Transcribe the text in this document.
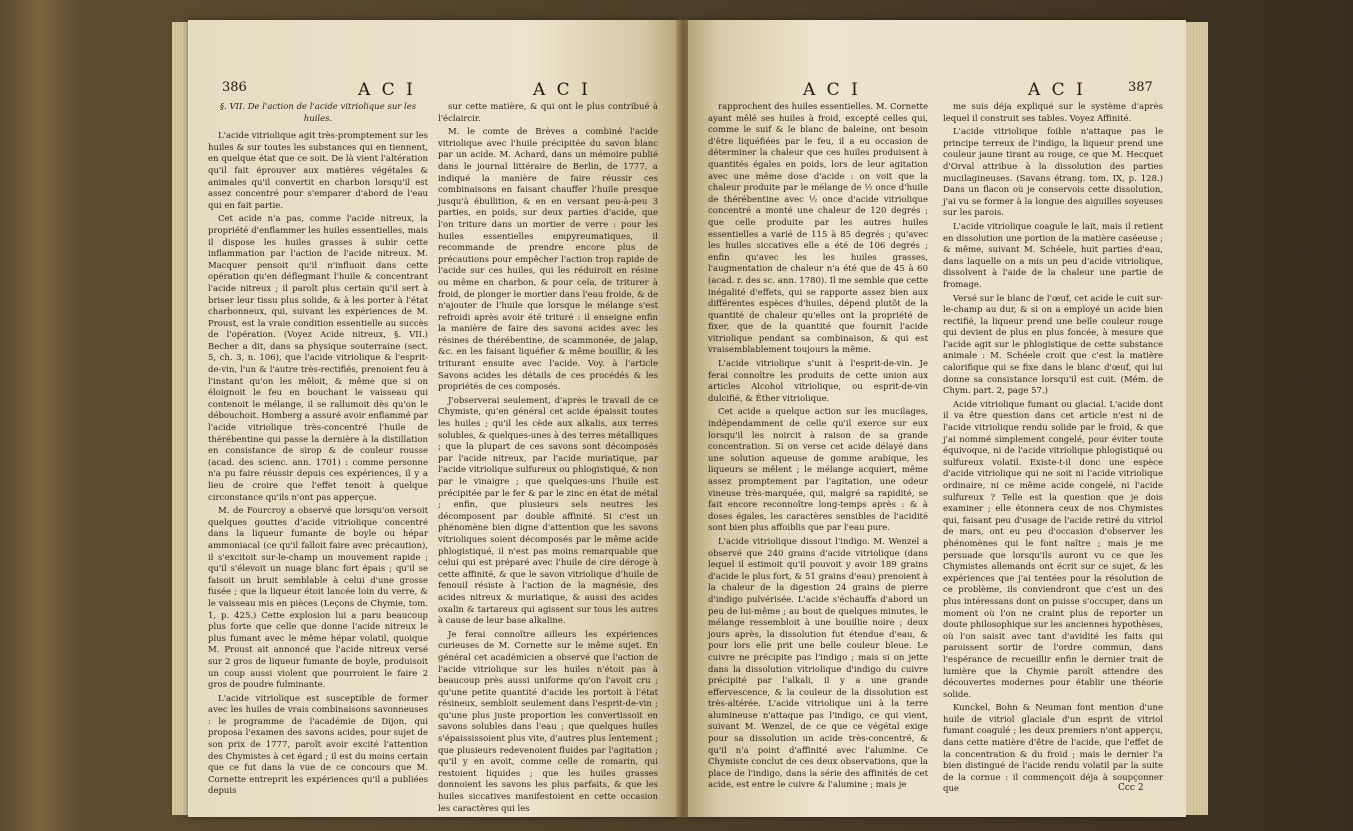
386	A C I	A C I

§. VII. De l'action de l'acide vitriolique sur les huiles.

L'acide vitriolique agit très-promptement sur les huiles & sur toutes les substances qui en tiennent, en quelque état que ce soit. De là vient l'altération qu'il fait éprouver aux matières végétales & animales qu'il convertit en charbon lorsqu'il est assez concentré pour s'emparer d'abord de l'eau qui en fait partie.

Cet acide n'a pas, comme l'acide nitreux, la propriété d'enflammer les huiles essentielles, mais il dispose les huiles grasses à subir cette inflammation par l'action de l'acide nitreux. M. Macquer pensoit qu'il n'influoit dans cette opération qu'en déflegmant l'huile & concentrant l'acide nitreux ; il paroît plus certain qu'il sert à briser leur tissu plus solide, & à les porter à l'état charbonneux, qui, suivant les expériences de M. Proust, est la vraie condition essentielle au succès de l'opération. (Voyez Acide nitreux, §. VII.) Becher a dit, dans sa physique souterraine (sect. 5, ch. 3, n. 106), que l'acide vitriolique & l'esprit-de-vin, l'un & l'autre très-rectifiés, prenoient feu à l'instant qu'on les mêloit, & même que si on éloignoit le feu en bouchant le vaisseau qui contenoit le mélange, il se rallumoit dès qu'on le débouchoit. Homberg a assuré avoir enflammé par l'acide vitriolique très-concentré l'huile de thérébentine qui passe la dernière à la distillation en consistance de sirop & de couleur rousse (acad. des scienc. ann. 1701) : comme personne n'a pu faire réussir depuis ces expériences, il y a lieu de croire que l'effet tenoit à quelque circonstance qu'ils n'ont pas apperçue.

M. de Fourcroy a observé que lorsqu'on versoit quelques gouttes d'acide vitriolique concentré dans la liqueur fumante de boyle ou hépar ammoniacal (ce qu'il falloit faire avec précaution), il s'excitoit sur-le-champ un mouvement rapide ; qu'il s'élevoit un nuage blanc fort épais ; qu'il se faisoit un bruit semblable à celui d'une grosse fusée ; que la liqueur étoit lancée loin du verre, & le vaisseau mis en pièces (Leçons de Chymie, tom. 1, p. 425.) Cette explosion lui a paru beaucoup plus forte que celle que donne l'acide nitreux le plus fumant avec le même hépar volatil, quoique M. Proust ait annoncé que l'acide nitreux versé sur 2 gros de liqueur fumante de boyle, produisoit un coup aussi violent que pourroient le faire 2 gros de poudre fulminante.

L'acide vitriolique est susceptible de former avec les huiles de vrais combinaisons savonneuses : le programme de l'académie de Dijon, qui proposa l'examen des savons acides, pour sujet de son prix de 1777, paroît avoir excité l'attention des Chymistes à cet égard ; il est du moins certain que ce fut dans la vue de ce concours que M. Cornette entreprit les expériences qu'il a publiées depuis

sur cette matière, & qui ont le plus contribué à l'éclaircir.

M. le comte de Brèves a combiné l'acide vitriolique avec l'huile précipitée du savon blanc par un acide. M. Achard, dans un mémoire publié dans le journal littéraire de Berlin, de 1777, a indiqué la manière de faire réussir ces combinaisons en faisant chauffer l'huile presque jusqu'à ébullition, & en en versant peu-à-peu 3 parties, en poids, sur deux parties d'acide, que l'on triture dans un mortier de verre : pour les huiles essentielles empyreumatiques, il recommande de prendre encore plus de précautions pour empêcher l'action trop rapide de l'acide sur ces huiles, qui les réduiroit en résine ou même en charbon, & pour cela, de triturer à froid, de plonger le mortier dans l'eau froide, & de n'ajouter de l'huile que lorsque le mélange s'est refroidi après avoir été trituré : il enseigne enfin la manière de faire des savons acides avec les résines de thérébentine, de scammonée, de jalap, &c. en les faisant liquéfier & même bouillir, & les triturant ensuite avec l'acide. Voy. à l'article Savons acides les détails de ces procédés & les propriétés de ces composés.

J'observerai seulement, d'après le travail de ce Chymiste, qu'en général cet acide épaissit toutes les huiles ; qu'il les cède aux alkalis, aux terres solubles, & quelques-unes à des terres métalliques ; que la plupart de ces savons sont décomposés par l'acide nitreux, par l'acide muriatique, par l'acide vitriolique sulfureux ou phlogistiqué, & non par le vinaigre ; que quelques-uns l'huile est précipitée par le fer & par le zinc en état de métal ; enfin, que plusieurs sels neutres les décomposent par double affinité. Si c'est un phénomène bien digne d'attention que les savons vitrioliques soient décomposés par le même acide phlogistiqué, il n'est pas moins remarquable que celui qui est préparé avec l'huile de cire déroge à cette affinité, & que le savon vitriolique d'huile de fenouil résiste à l'action de la magnésie, des acides nitreux & muriatique, & aussi des acides oxalin & tartareux qui agissent sur tous les autres à cause de leur base alkaline.

Je ferai connoître ailleurs les expériences curieuses de M. Cornette sur le même sujet. En général cet académicien a observé que l'action de l'acide vitriolique sur les huiles n'étoit pas à beaucoup près aussi uniforme qu'on l'avoit cru ; qu'une petite quantité d'acide les portoit à l'état résineux, sembloit seulement dans l'esprit-de-vin ; qu'une plus juste proportion les convertissoit en savons solubles dans l'eau ; que quelques huiles s'épaississoient plus vite, d'autres plus lentement ; que plusieurs redevenoient fluides par l'agitation ; qu'il y en avoit, comme celle de romarin, qui restoient liquides ; que les huiles grasses donnoient les savons les plus parfaits, & que les huiles siccatives manifestoient en cette occasion les caractères qui les

A C I	A C I	387

rapprochent des huiles essentielles. M. Cornette ayant mêlé ses huiles à froid, excepté celles qui, comme le suif & le blanc de baleine, ont besoin d'être liquéfiées par le feu, il a eu occasion de déterminer la chaleur que ces huiles produisent à quantités égales en poids, lors de leur agitation avec une même dose d'acide : on voit que la chaleur produite par le mélange de ½ once d'huile de thérébentine avec ½ once d'acide vitriolique concentré a monté une chaleur de 120 degrés ; que celle produite par les autres huiles essentielles a varié de 115 à 85 degrés ; qu'avec les huiles siccatives elle a été de 106 degrés ; enfin qu'avec les les huiles grasses, l'augmentation de chaleur n'a été que de 45 à 60 (acad. r. des sc. ann. 1780). Il me semble que cette inégalité d'effets, qui se rapporte assez bien aux différentes espèces d'huiles, dépend plutôt de la quantité de chaleur qu'elles ont la propriété de fixer, que de la quantité que fournit l'acide vitriolique pendant sa combinaison, & qui est vraisemblablement toujours la même.

L'acide vitriolique s'unit à l'esprit-de-vin. Je ferai connoître les produits de cette union aux articles Alcohol vitriolique, ou esprit-de-vin dulcifié, & Éther vitriolique.

Cet acide a quelque action sur les mucilages, indépendamment de celle qu'il exerce sur eux lorsqu'il les noircit à raison de sa grande concentration. Si on verse cet acide délayé dans une solution aqueuse de gomme arabique, les liqueurs se mêlent ; le mélange acquiert, même assez promptement par l'agitation, une odeur vineuse très-marquée, qui, malgré sa rapidité, se fait encore reconnoître long-temps après : & à doses égales, les caractères sensibles de l'acidité sont bien plus affoiblis que par l'eau pure.

L'acide vitriolique dissout l'indigo. M. Wenzel a observé que 240 grains d'acide vitriolique (dans lequel il estimoit qu'il pouvoit y avoir 189 grains d'acide le plus fort, & 51 grains d'eau) prenoient à la chaleur de la digestion 24 grains de pierre d'indigo pulvérisée. L'acide s'échauffa d'abord un peu de lui-même ; au bout de quelques minutes, le mélange ressembloit à une bouillie noire ; deux jours après, la dissolution fut étendue d'eau, & pour lors elle prit une belle couleur bleue. Le cuivre ne précipite pas l'indigo ; mais si on jette dans la dissolution vitriolique d'indigo du cuivre précipité par l'alkali, il y a une grande effervescence, & la couleur de la dissolution est très-altérée. L'acide vitriolique uni à la terre alumineuse n'attaque pas l'indigo, ce qui vient, suivant M. Wenzel, de ce que ce végétal exige pour sa dissolution un acide très-concentré, & qu'il n'a point d'affinité avec l'alumine. Ce Chymiste conclut de ces deux observations, que la place de l'indigo, dans la série des affinités de cet acide, est entre le cuivre & l'alumine ; mais je

me suis déja expliqué sur le système d'après lequel il construit ses tables. Voyez Affinité.

L'acide vitriolique foible n'attaque pas le principe terreux de l'indigo, la liqueur prend une couleur jaune tirant au rouge, ce que M. Hecquet d'Orval attribue à la dissolution des parties mucilagineuses. (Savans étrang. tom. IX, p. 128.) Dans un flacon où je conservois cette dissolution, j'ai vu se former à la longue des aiguilles soyeuses sur les parois.

L'acide vitriolique coagule le lait, mais il retient en dissolution une portion de la matière caséeuse ; & même, suivant M. Schéele, huit parties d'eau, dans laquelle on a mis un peu d'acide vitriolique, dissolvent à l'aide de la chaleur une partie de fromage.

Versé sur le blanc de l'œuf, cet acide le cuit sur-le-champ au dur, & si on a employé un acide bien rectifié, la liqueur prend une belle couleur rouge qui devient de plus en plus foncée, à mesure que l'acide agit sur le phlogistique de cette substance animale : M. Schéele croit que c'est la matière calorifique qui se fixe dans le blanc d'œuf, qui lui donne sa consistance lorsqu'il est cuit. (Mém. de Chym. part. 2, page 57.)

Acide vitriolique fumant ou glacial. L'acide dont il va être question dans cet article n'est ni de l'acide vitriolique rendu solide par le froid, & que j'ai nommé simplement congelé, pour éviter toute équivoque, ni de l'acide vitriolique phlogistiqué ou sulfureux volatil. Existe-t-il donc une espèce d'acide vitriolique qui ne soit ni l'acide vitriolique ordinaire, ni ce même acide congelé, ni l'acide sulfureux ? Telle est la question que je dois examiner ; elle étonnera ceux de nos Chymistes qui, faisant peu d'usage de l'acide retiré du vitriol de mars, ont eu peu d'occasion d'observer les phénomènes qui le font naître ; mais je me persuade que lorsqu'ils auront vu ce que les Chymistes allemands ont écrit sur ce sujet, & les expériences que j'ai tentées pour la résolution de ce problème, ils conviendront que c'est un des plus intéressans dont on puisse s'occuper, dans un moment où l'on ne craint plus de reporter un doute philosophique sur les anciennes hypothèses, où l'on saisit avec tant d'avidité les faits qui paroissent sortir de l'ordre commun, dans l'espérance de recueillir enfin le dernier trait de lumière que la Chymie paroît attendre des découvertes modernes pour établir une théorie solide.

Kunckel, Bohn & Neuman font mention d'une huile de vitriol glaciale d'un esprit de vitriol fumant coagulé ; les deux premiers n'ont apperçu, dans cette matière d'être de l'acide, que l'effet de la concentration & du froid ; mais le dernier l'a bien distingué de l'acide rendu volatil par la suite de la cornue : il commençoit déja à soupçonner que	Ccc 2
